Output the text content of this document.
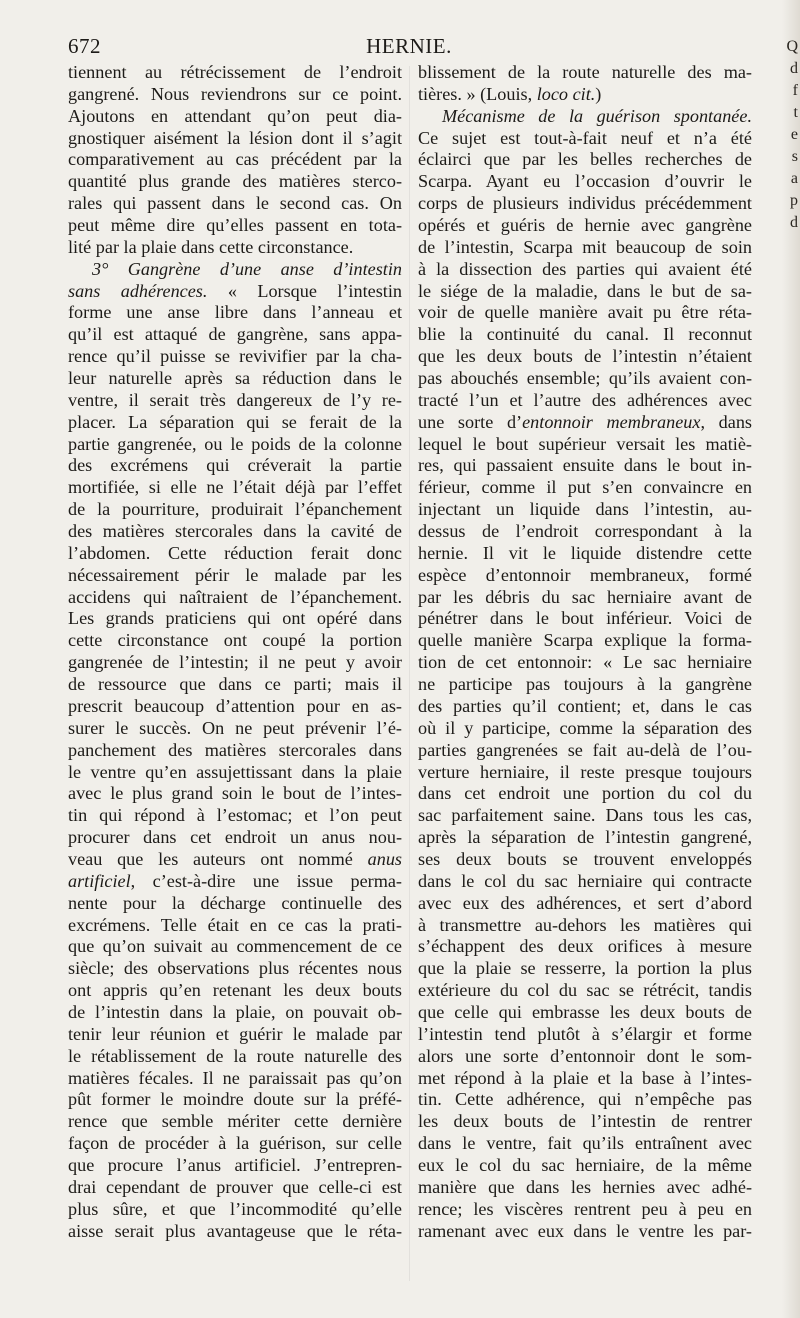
672	HERNIE.
tiennent au rétrécissement de l’endroit
gangrené. Nous reviendrons sur ce point.
Ajoutons en attendant qu’on peut dia-
gnostiquer aisément la lésion dont il s’agit
comparativement au cas précédent par la
quantité plus grande des matières sterco-
rales qui passent dans le second cas. On
peut même dire qu’elles passent en tota-
lité par la plaie dans cette circonstance.
3° Gangrène d’une anse d’intestin
sans adhérences. « Lorsque l’intestin
forme une anse libre dans l’anneau et
qu’il est attaqué de gangrène, sans appa-
rence qu’il puisse se revivifier par la cha-
leur naturelle après sa réduction dans le
ventre, il serait très dangereux de l’y re-
placer. La séparation qui se ferait de la
partie gangrenée, ou le poids de la colonne
des excrémens qui créverait la partie
mortifiée, si elle ne l’était déjà par l’effet
de la pourriture, produirait l’épanchement
des matières stercorales dans la cavité de
l’abdomen. Cette réduction ferait donc
nécessairement périr le malade par les
accidens qui naîtraient de l’épanchement.
Les grands praticiens qui ont opéré dans
cette circonstance ont coupé la portion
gangrenée de l’intestin; il ne peut y avoir
de ressource que dans ce parti; mais il
prescrit beaucoup d’attention pour en as-
surer le succès. On ne peut prévenir l’é-
panchement des matières stercorales dans
le ventre qu’en assujettissant dans la plaie
avec le plus grand soin le bout de l’intes-
tin qui répond à l’estomac; et l’on peut
procurer dans cet endroit un anus nou-
veau que les auteurs ont nommé anus
artificiel, c’est-à-dire une issue perma-
nente pour la décharge continuelle des
excrémens. Telle était en ce cas la prati-
que qu’on suivait au commencement de ce
siècle; des observations plus récentes nous
ont appris qu’en retenant les deux bouts
de l’intestin dans la plaie, on pouvait ob-
tenir leur réunion et guérir le malade par
le rétablissement de la route naturelle des
matières fécales. Il ne paraissait pas qu’on
pût former le moindre doute sur la préfé-
rence que semble mériter cette dernière
façon de procéder à la guérison, sur celle
que procure l’anus artificiel. J’entrepren-
drai cependant de prouver que celle-ci est
plus sûre, et que l’incommodité qu’elle
aisse serait plus avantageuse que le réta-
blissement de la route naturelle des ma-
tières. » (Louis, loco cit.)
Mécanisme de la guérison spontanée.
Ce sujet est tout-à-fait neuf et n’a été
éclairci que par les belles recherches de
Scarpa. Ayant eu l’occasion d’ouvrir le
corps de plusieurs individus précédemment
opérés et guéris de hernie avec gangrène
de l’intestin, Scarpa mit beaucoup de soin
à la dissection des parties qui avaient été
le siége de la maladie, dans le but de sa-
voir de quelle manière avait pu être réta-
blie la continuité du canal. Il reconnut
que les deux bouts de l’intestin n’étaient
pas abouchés ensemble; qu’ils avaient con-
tracté l’un et l’autre des adhérences avec
une sorte d’entonnoir membraneux, dans
lequel le bout supérieur versait les matiè-
res, qui passaient ensuite dans le bout in-
férieur, comme il put s’en convaincre en
injectant un liquide dans l’intestin, au-
dessus de l’endroit correspondant à la
hernie. Il vit le liquide distendre cette
espèce d’entonnoir membraneux, formé
par les débris du sac herniaire avant de
pénétrer dans le bout inférieur. Voici de
quelle manière Scarpa explique la forma-
tion de cet entonnoir: « Le sac herniaire
ne participe pas toujours à la gangrène
des parties qu’il contient; et, dans le cas
où il y participe, comme la séparation des
parties gangrenées se fait au-delà de l’ou-
verture herniaire, il reste presque toujours
dans cet endroit une portion du col du
sac parfaitement saine. Dans tous les cas,
après la séparation de l’intestin gangrené,
ses deux bouts se trouvent enveloppés
dans le col du sac herniaire qui contracte
avec eux des adhérences, et sert d’abord
à transmettre au-dehors les matières qui
s’échappent des deux orifices à mesure
que la plaie se resserre, la portion la plus
extérieure du col du sac se rétrécit, tandis
que celle qui embrasse les deux bouts de
l’intestin tend plutôt à s’élargir et forme
alors une sorte d’entonnoir dont le som-
met répond à la plaie et la base à l’intes-
tin. Cette adhérence, qui n’empêche pas
les deux bouts de l’intestin de rentrer
dans le ventre, fait qu’ils entraînent avec
eux le col du sac herniaire, de la même
manière que dans les hernies avec adhé-
rence; les viscères rentrent peu à peu en
ramenant avec eux dans le ventre les par-
Q
d
f
t
e
s
a
p
d
